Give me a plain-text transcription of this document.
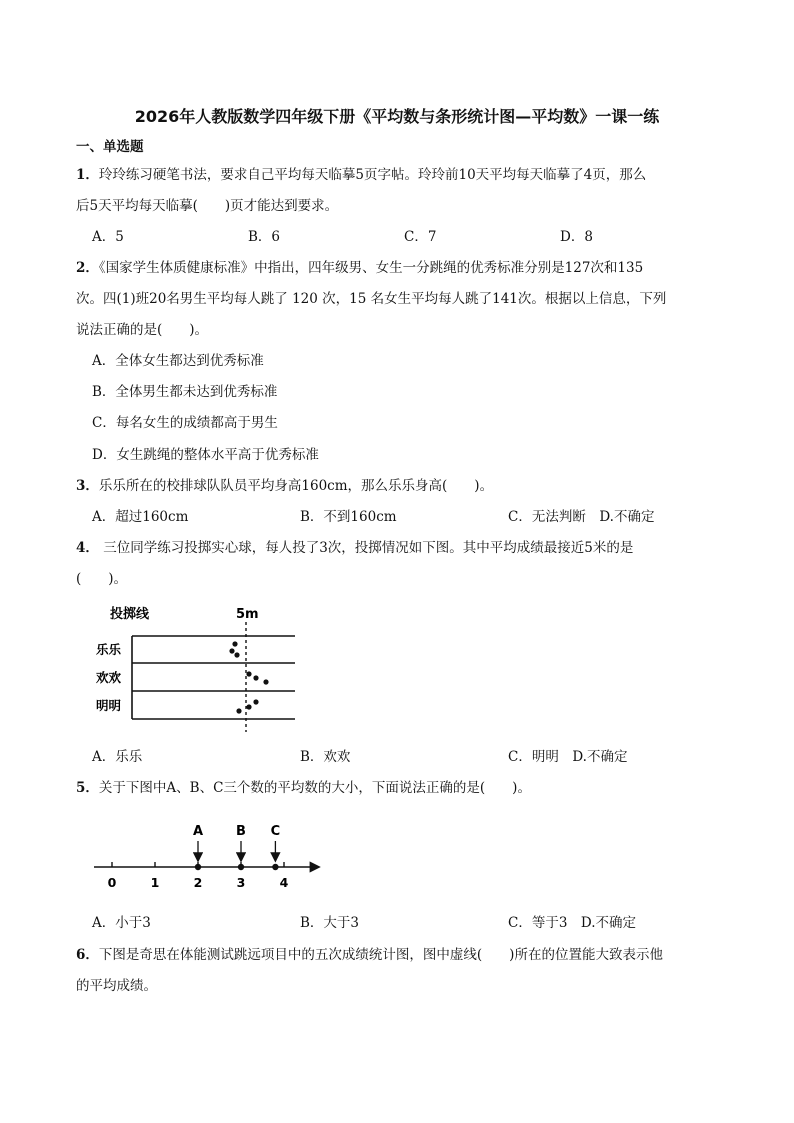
2026年人教版数学四年级下册《平均数与条形统计图—平均数》一课一练
一、单选题
1．玲玲练习硬笔书法，要求自己平均每天临摹5页字帖。玲玲前10天平均每天临摹了4页，那么
后5天平均每天临摹(　　)页才能达到要求。
A．5	B．6	C．7	D．8
2．《国家学生体质健康标准》中指出，四年级男、女生一分跳绳的优秀标准分别是127次和135
次。四(1)班20名男生平均每人跳了 120 次，15 名女生平均每人跳了141次。根据以上信息，下列
说法正确的是(　　)。
A．全体女生都达到优秀标准
B．全体男生都未达到优秀标准
C．每名女生的成绩都高于男生
D．女生跳绳的整体水平高于优秀标准
3．乐乐所在的校排球队队员平均身高160cm，那么乐乐身高(　　)。
A．超过160cm	B．不到160cm	C．无法判断　D.不确定
4． 三位同学练习投掷实心球，每人投了3次，投掷情况如下图。其中平均成绩最接近5米的是
(　　)。
投掷线	5m
乐乐
欢欢
明明
A．乐乐	B．欢欢	C．明明　D.不确定
5．关于下图中A、B、C三个数的平均数的大小，下面说法正确的是(　　)。
0	1	2	3	4
A	B C
A．小于3	B．大于3	C．等于3　D.不确定
6．下图是奇思在体能测试跳远项目中的五次成绩统计图，图中虚线(　　)所在的位置能大致表示他
的平均成绩。
